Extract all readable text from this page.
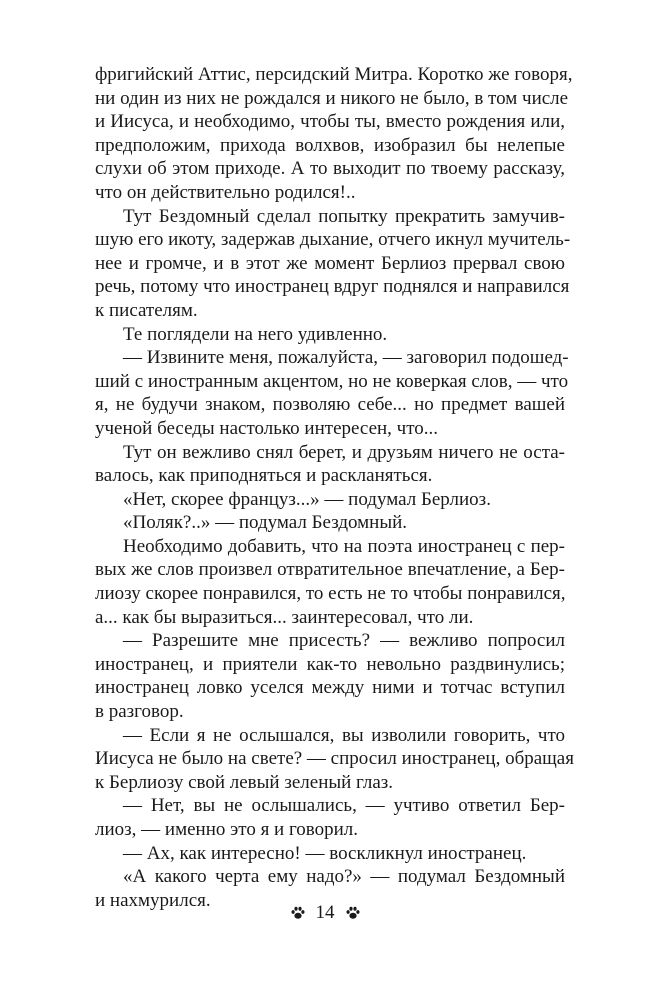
фригийский Аттис, персидский Митра. Коротко же говоря,
ни один из них не рождался и никого не было, в том числе
и Иисуса, и необходимо, чтобы ты, вместо рождения или,
предположим, прихода волхвов, изобразил бы нелепые
слухи об этом приходе. А то выходит по твоему рассказу,
что он действительно родился!..
Тут Бездомный сделал попытку прекратить замучив-
шую его икоту, задержав дыхание, отчего икнул мучитель-
нее и громче, и в этот же момент Берлиоз прервал свою
речь, потому что иностранец вдруг поднялся и направился
к писателям.
Те поглядели на него удивленно.
— Извините меня, пожалуйста, — заговорил подошед-
ший с иностранным акцентом, но не коверкая слов, — что
я, не будучи знаком, позволяю себе... но предмет вашей
ученой беседы настолько интересен, что...
Тут он вежливо снял берет, и друзьям ничего не оста-
валось, как приподняться и раскланяться.
«Нет, скорее француз...» — подумал Берлиоз.
«Поляк?..» — подумал Бездомный.
Необходимо добавить, что на поэта иностранец с пер-
вых же слов произвел отвратительное впечатление, а Бер-
лиозу скорее понравился, то есть не то чтобы понравился,
а... как бы выразиться... заинтересовал, что ли.
— Разрешите мне присесть? — вежливо попросил
иностранец, и приятели как-то невольно раздвинулись;
иностранец ловко уселся между ними и тотчас вступил
в разговор.
— Если я не ослышался, вы изволили говорить, что
Иисуса не было на свете? — спросил иностранец, обращая
к Берлиозу свой левый зеленый глаз.
— Нет, вы не ослышались, — учтиво ответил Бер-
лиоз, — именно это я и говорил.
— Ах, как интересно! — воскликнул иностранец.
«А какого черта ему надо?» — подумал Бездомный
и нахмурился.
14
